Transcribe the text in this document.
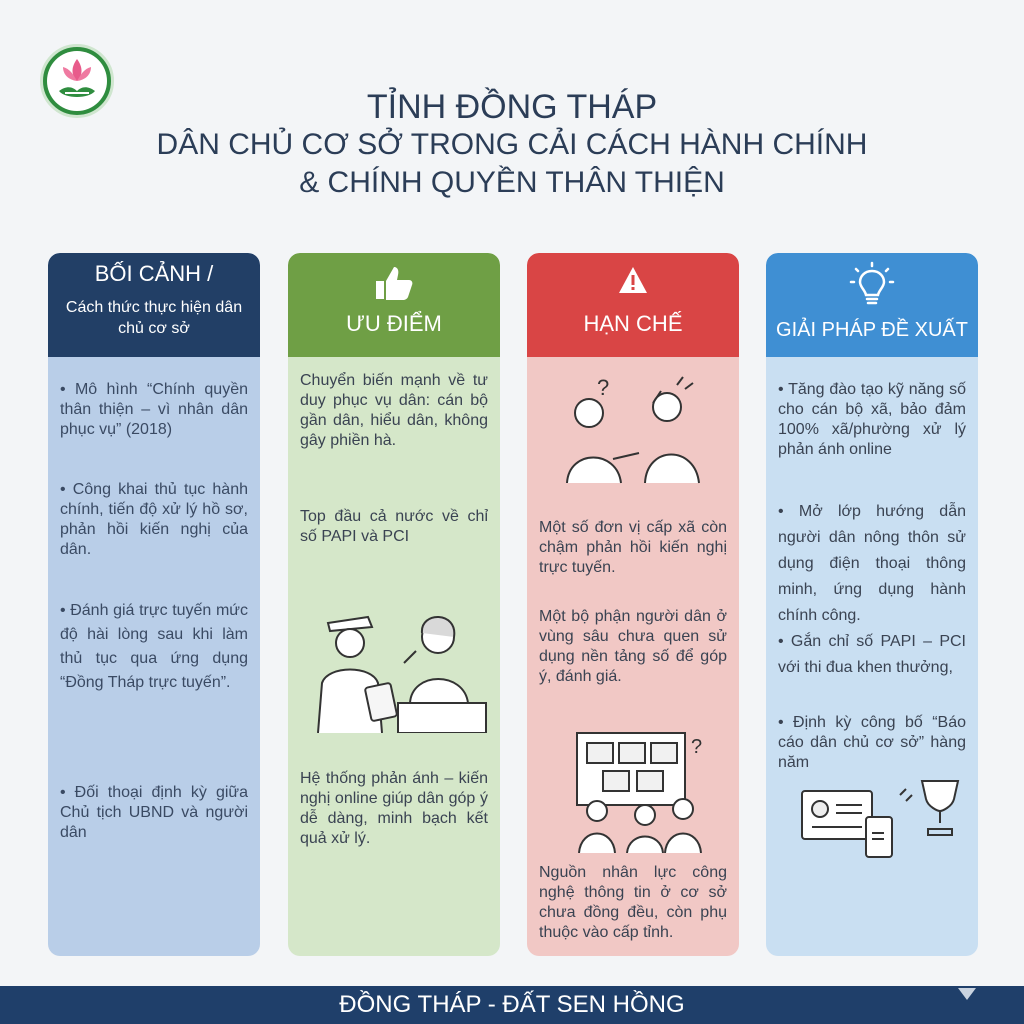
TỈNH ĐỒNG THÁP
DÂN CHỦ CƠ SỞ TRONG CẢI CÁCH HÀNH CHÍNH
& CHÍNH QUYỀN THÂN THIỆN
BỐI CẢNH /
Cách thức thực hiện dân chủ cơ sở
• Mô hình “Chính quyền thân thiện – vì nhân dân phục vụ” (2018)
• Công khai thủ tục hành chính, tiến độ xử lý hồ sơ, phản hồi kiến nghị của dân.
• Đánh giá trực tuyến mức độ hài lòng sau khi làm thủ tục qua ứng dụng “Đồng Tháp trực tuyến”.
• Đối thoại định kỳ giữa Chủ tịch UBND và người dân
ƯU ĐIỂM
Chuyển biến mạnh về tư duy phục vụ dân: cán bộ gần dân, hiểu dân, không gây phiền hà.
Top đầu cả nước về chỉ số PAPI và PCI
Hệ thống phản ánh – kiến nghị online giúp dân góp ý dễ dàng, minh bạch kết quả xử lý.
HẠN CHẾ
?
Một số đơn vị cấp xã còn chậm phản hồi kiến nghị trực tuyến.
Một bộ phận người dân ở vùng sâu chưa quen sử dụng nền tảng số để góp ý, đánh giá.
?
Nguồn nhân lực công nghệ thông tin ở cơ sở chưa đồng đều, còn phụ thuộc vào cấp tỉnh.
GIẢI PHÁP ĐỀ XUẤT
• Tăng đào tạo kỹ năng số cho cán bộ xã, bảo đảm 100% xã/phường xử lý phản ánh online
• Mở lớp hướng dẫn người dân nông thôn sử dụng điện thoại thông minh, ứng dụng hành chính công.
• Gắn chỉ số PAPI – PCI với thi đua khen thưởng,
• Định kỳ công bố “Báo cáo dân chủ cơ sở” hàng năm
ĐỒNG THÁP - ĐẤT SEN HỒNG
